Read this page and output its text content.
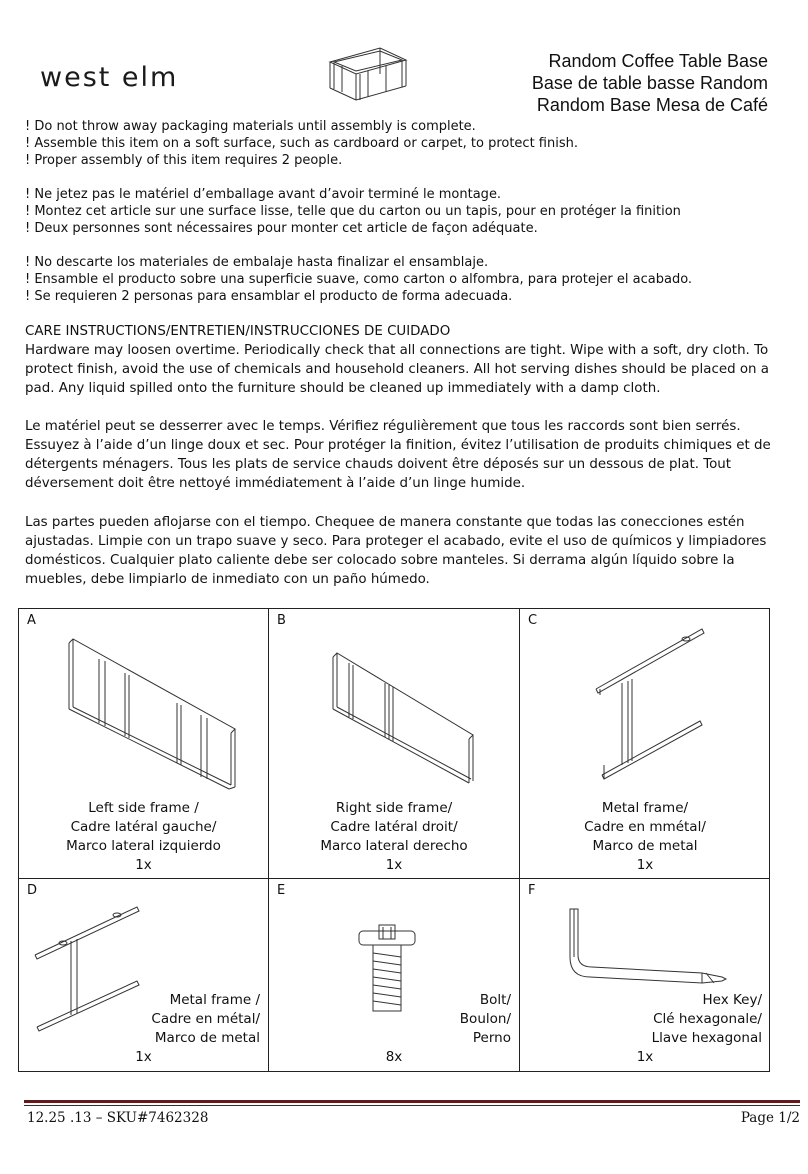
west elm
Random Coffee Table Base
Base de table basse Random
Random Base Mesa de Café
! Do not throw away packaging materials until assembly is complete.
! Assemble this item on a soft surface, such as cardboard or carpet, to protect finish.
! Proper assembly of this item requires 2 people.
! Ne jetez pas le matériel d’emballage avant d’avoir terminé le montage.
! Montez cet article sur une surface lisse, telle que du carton ou un tapis, pour en protéger la finition
! Deux personnes sont nécessaires pour monter cet article de façon adéquate.
! No descarte los materiales de embalaje hasta finalizar el ensamblaje.
! Ensamble el producto sobre una superficie suave, como carton o alfombra, para protejer el acabado.
! Se requieren 2 personas para ensamblar el producto de forma adecuada.
CARE INSTRUCTIONS/ENTRETIEN/INSTRUCCIONES DE CUIDADO
Hardware may loosen overtime. Periodically check that all connections are tight. Wipe with a soft, dry cloth. To protect finish, avoid the use of chemicals and household cleaners. All hot serving dishes should be placed on a pad. Any liquid spilled onto the furniture should be cleaned up immediately with a damp cloth.
Le matériel peut se desserrer avec le temps. Vérifiez régulièrement que tous les raccords sont bien serrés. Essuyez à l’aide d’un linge doux et sec. Pour protéger la finition, évitez l’utilisation de produits chimiques et de détergents ménagers. Tous les plats de service chauds doivent être déposés sur un dessous de plat. Tout déversement doit être nettoyé immédiatement à l’aide d’un linge humide.
Las partes pueden aflojarse con el tiempo. Chequee de manera constante que todas las conecciones estén ajustadas. Limpie con un trapo suave y seco. Para proteger el acabado, evite el uso de químicos y limpiadores domésticos. Cualquier plato caliente debe ser colocado sobre manteles. Si derrama algún líquido sobre la muebles, debe limpiarlo de inmediato con un paño húmedo.
A
Left side frame /
Cadre latéral gauche/
Marco lateral izquierdo
1x
B
Right side frame/
Cadre latéral droit/
Marco lateral derecho
1x
C
Metal frame/
Cadre en mmétal/
Marco de metal
1x
D
Metal frame /
Cadre en métal/
Marco de metal
1x
E
Bolt/
Boulon/
Perno
8x
F
Hex Key/
Clé hexagonale/
Llave hexagonal
1x
12.25 .13 – SKU#7462328	Page 1/2
